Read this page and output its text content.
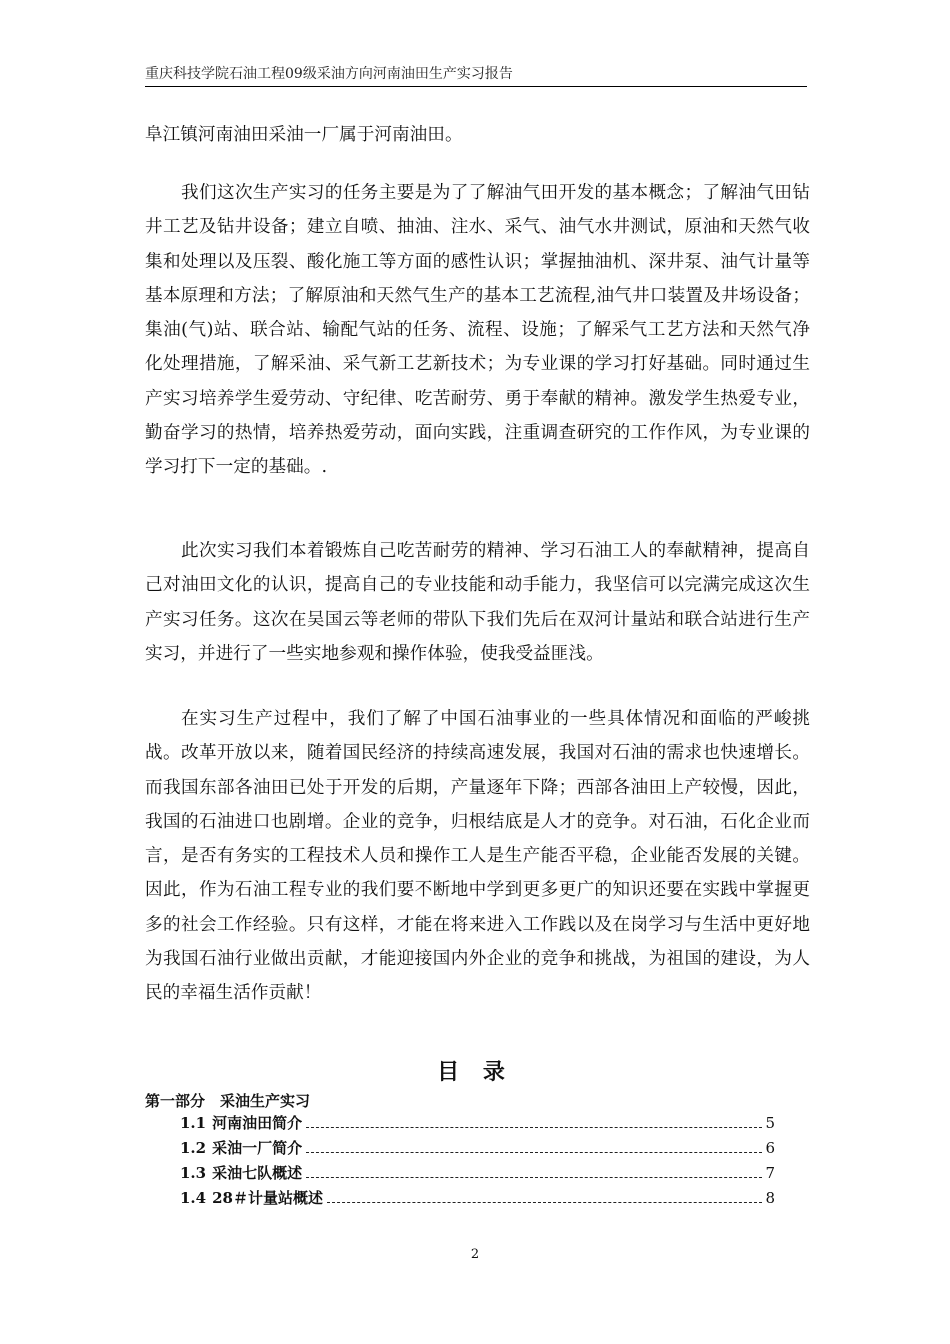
重庆科技学院石油工程09级采油方向河南油田生产实习报告

阜江镇河南油田采油一厂属于河南油田。

我们这次生产实习的任务主要是为了了解油气田开发的基本概念；了解油气田钻井工艺及钻井设备；建立自喷、抽油、注水、采气、油气水井测试，原油和天然气收集和处理以及压裂、酸化施工等方面的感性认识；掌握抽油机、深井泵、油气计量等基本原理和方法；了解原油和天然气生产的基本工艺流程,油气井口装置及井场设备；集油(气)站、联合站、输配气站的任务、流程、设施；了解采气工艺方法和天然气净化处理措施，了解采油、采气新工艺新技术；为专业课的学习打好基础。同时通过生产实习培养学生爱劳动、守纪律、吃苦耐劳、勇于奉献的精神。激发学生热爱专业，勤奋学习的热情，培养热爱劳动，面向实践，注重调查研究的工作作风，为专业课的学习打下一定的基础。.

此次实习我们本着锻炼自己吃苦耐劳的精神、学习石油工人的奉献精神，提高自己对油田文化的认识，提高自己的专业技能和动手能力，我坚信可以完满完成这次生产实习任务。这次在吴国云等老师的带队下我们先后在双河计量站和联合站进行生产实习，并进行了一些实地参观和操作体验，使我受益匪浅。

在实习生产过程中，我们了解了中国石油事业的一些具体情况和面临的严峻挑战。改革开放以来，随着国民经济的持续高速发展，我国对石油的需求也快速增长。而我国东部各油田已处于开发的后期，产量逐年下降；西部各油田上产较慢，因此，我国的石油进口也剧增。企业的竞争，归根结底是人才的竞争。对石油，石化企业而言，是否有务实的工程技术人员和操作工人是生产能否平稳，企业能否发展的关键。因此，作为石油工程专业的我们要不断地中学到更多更广的知识还要在实践中掌握更多的社会工作经验。只有这样，才能在将来进入工作践以及在岗学习与生活中更好地为我国石油行业做出贡献，才能迎接国内外企业的竞争和挑战，为祖国的建设，为人民的幸福生活作贡献！

目 录
第一部分　采油生产实习
1.1 河南油田简介	5
1.2 采油一厂简介	6
1.3 采油七队概述	7
1.4 28＃计量站概述	8
2
